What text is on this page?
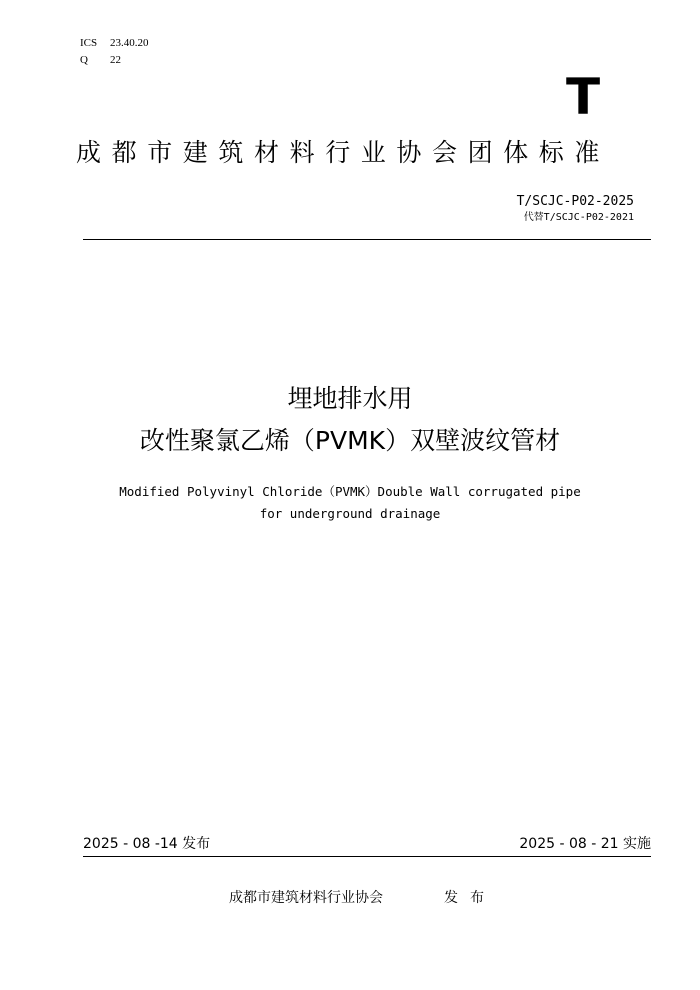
ICS 23.40.20
Q 22
T
成都市建筑材料行业协会团体标准
T/SCJC-P02-2025
代替T/SCJC-P02-2021
埋地排水用
改性聚氯乙烯（PVMK）双壁波纹管材
Modified Polyvinyl Chloride（PVMK）Double Wall corrugated pipe
for underground drainage
2025 - 08 -14 发布	2025 - 08 - 21 实施
成都市建筑材料行业协会	发布
